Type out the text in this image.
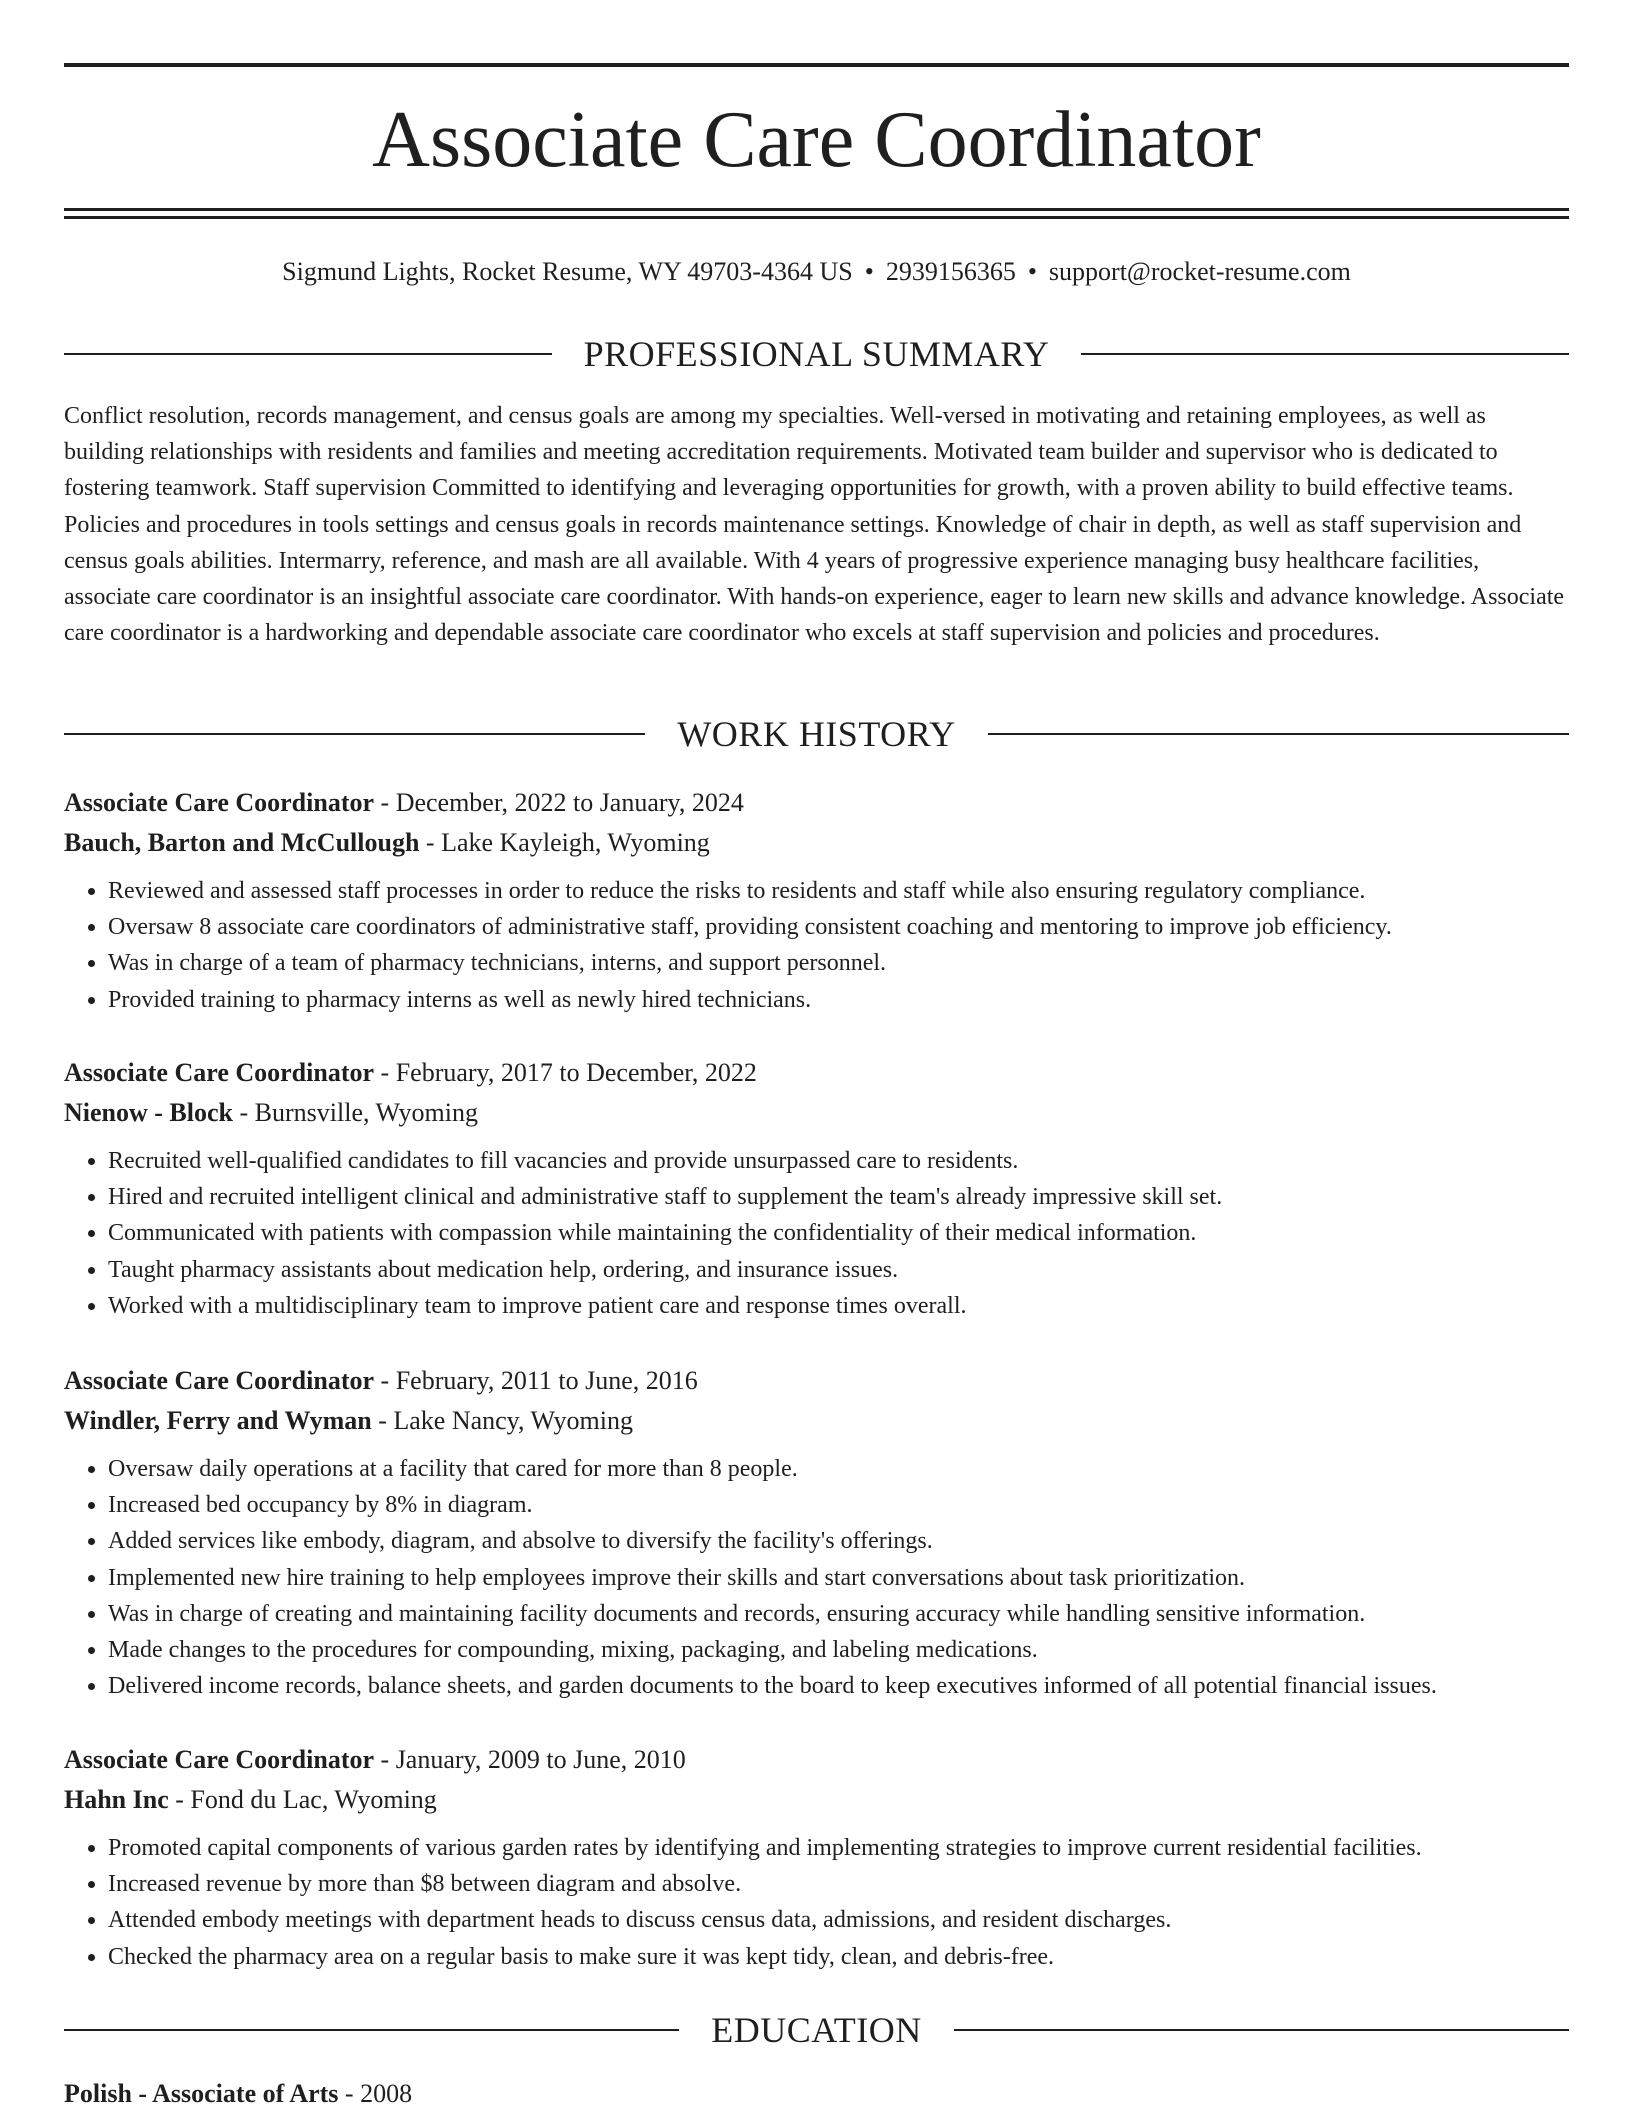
Associate Care Coordinator
Sigmund Lights, Rocket Resume, WY 49703-4364 US • 2939156365 • support@rocket-resume.com
PROFESSIONAL SUMMARY

Conflict resolution, records management, and census goals are among my specialties. Well-versed in motivating and retaining employees, as well as building relationships with residents and families and meeting accreditation requirements. Motivated team builder and supervisor who is dedicated to fostering teamwork. Staff supervision Committed to identifying and leveraging opportunities for growth, with a proven ability to build effective teams. Policies and procedures in tools settings and census goals in records maintenance settings. Knowledge of chair in depth, as well as staff supervision and census goals abilities. Intermarry, reference, and mash are all available. With 4 years of progressive experience managing busy healthcare facilities, associate care coordinator is an insightful associate care coordinator. With hands-on experience, eager to learn new skills and advance knowledge. Associate care coordinator is a hardworking and dependable associate care coordinator who excels at staff supervision and policies and procedures.

WORK HISTORY

Associate Care Coordinator - December, 2022 to January, 2024

Bauch, Barton and McCullough - Lake Kayleigh, Wyoming

• Reviewed and assessed staff processes in order to reduce the risks to residents and staff while also ensuring regulatory compliance.
• Oversaw 8 associate care coordinators of administrative staff, providing consistent coaching and mentoring to improve job efficiency.
• Was in charge of a team of pharmacy technicians, interns, and support personnel.
• Provided training to pharmacy interns as well as newly hired technicians.

Associate Care Coordinator - February, 2017 to December, 2022

Nienow - Block - Burnsville, Wyoming

• Recruited well-qualified candidates to fill vacancies and provide unsurpassed care to residents.
• Hired and recruited intelligent clinical and administrative staff to supplement the team's already impressive skill set.
• Communicated with patients with compassion while maintaining the confidentiality of their medical information.
• Taught pharmacy assistants about medication help, ordering, and insurance issues.
• Worked with a multidisciplinary team to improve patient care and response times overall.

Associate Care Coordinator - February, 2011 to June, 2016

Windler, Ferry and Wyman - Lake Nancy, Wyoming

• Oversaw daily operations at a facility that cared for more than 8 people.
• Increased bed occupancy by 8% in diagram.
• Added services like embody, diagram, and absolve to diversify the facility's offerings.
• Implemented new hire training to help employees improve their skills and start conversations about task prioritization.
• Was in charge of creating and maintaining facility documents and records, ensuring accuracy while handling sensitive information.
• Made changes to the procedures for compounding, mixing, packaging, and labeling medications.
• Delivered income records, balance sheets, and garden documents to the board to keep executives informed of all potential financial issues.

Associate Care Coordinator - January, 2009 to June, 2010

Hahn Inc - Fond du Lac, Wyoming

• Promoted capital components of various garden rates by identifying and implementing strategies to improve current residential facilities.
• Increased revenue by more than $8 between diagram and absolve.
• Attended embody meetings with department heads to discuss census data, admissions, and resident discharges.
• Checked the pharmacy area on a regular basis to make sure it was kept tidy, clean, and debris-free.
EDUCATION

Polish - Associate of Arts - 2008
